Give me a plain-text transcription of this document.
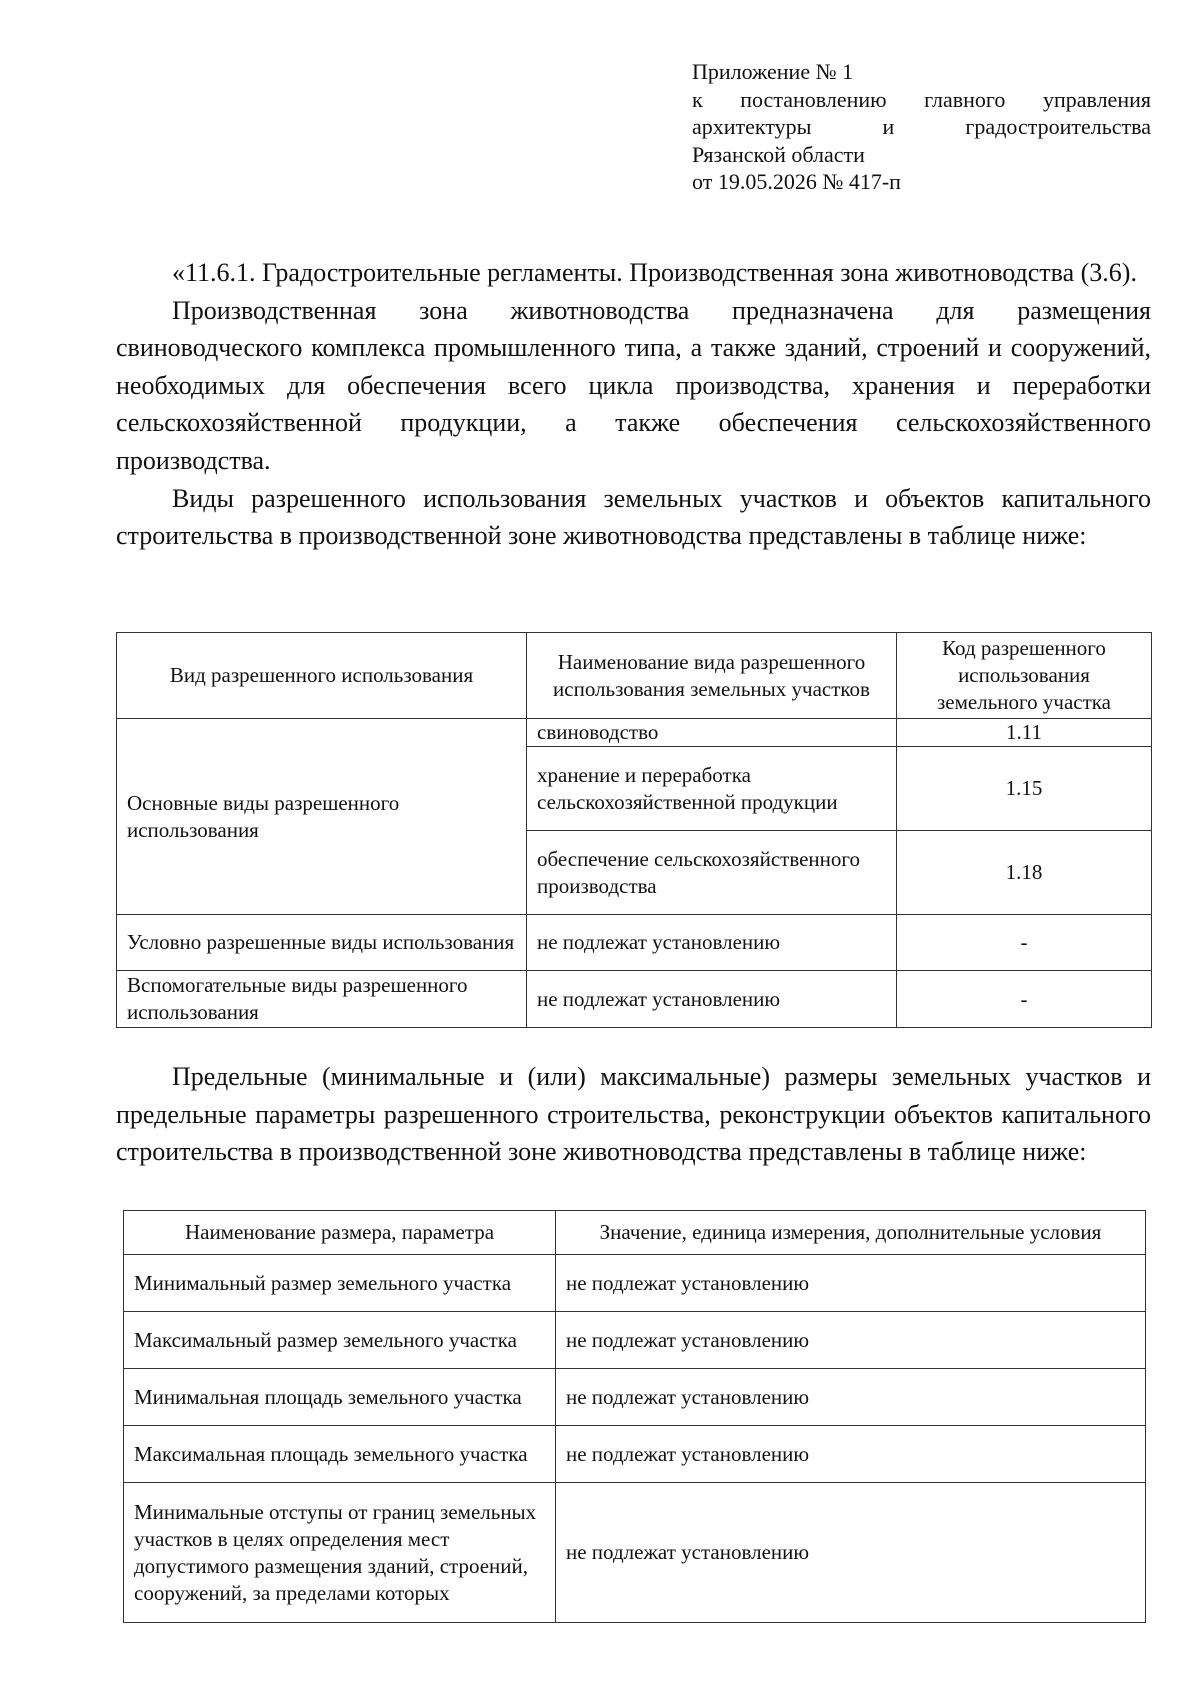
Приложение № 1
к постановлению главного управления
архитектуры и градостроительства
Рязанской области
от 19.05.2026 № 417-п

«11.6.1. Градостроительные регламенты. Производственная зона животноводства (3.6).

Производственная зона животноводства предназначена для размещения свиноводческого комплекса промышленного типа, а также зданий, строений и сооружений, необходимых для обеспечения всего цикла производства, хранения и переработки сельскохозяйственной продукции, а также обеспечения сельскохозяйственного производства.

Виды разрешенного использования земельных участков и объектов капитального строительства в производственной зоне животноводства представлены в таблице ниже:

Вид разрешенного использования	Наименование вида разрешенного использования земельных участков	Код разрешенного использования земельного участка
Основные виды разрешенного использования	свиноводство	1.11
	хранение и переработка сельскохозяйственной продукции	1.15
	обеспечение сельскохозяйственного производства	1.18
Условно разрешенные виды использования	не подлежат установлению	-
Вспомогательные виды разрешенного использования	не подлежат установлению	-

Предельные (минимальные и (или) максимальные) размеры земельных участков и предельные параметры разрешенного строительства, реконструкции объектов капитального строительства в производственной зоне животноводства представлены в таблице ниже:

Наименование размера, параметра	Значение, единица измерения, дополнительные условия
Минимальный размер земельного участка	не подлежат установлению
Максимальный размер земельного участка	не подлежат установлению
Минимальная площадь земельного участка	не подлежат установлению
Максимальная площадь земельного участка	не подлежат установлению
Минимальные отступы от границ земельных участков в целях определения мест допустимого размещения зданий, строений, сооружений, за пределами которых	не подлежат установлению
